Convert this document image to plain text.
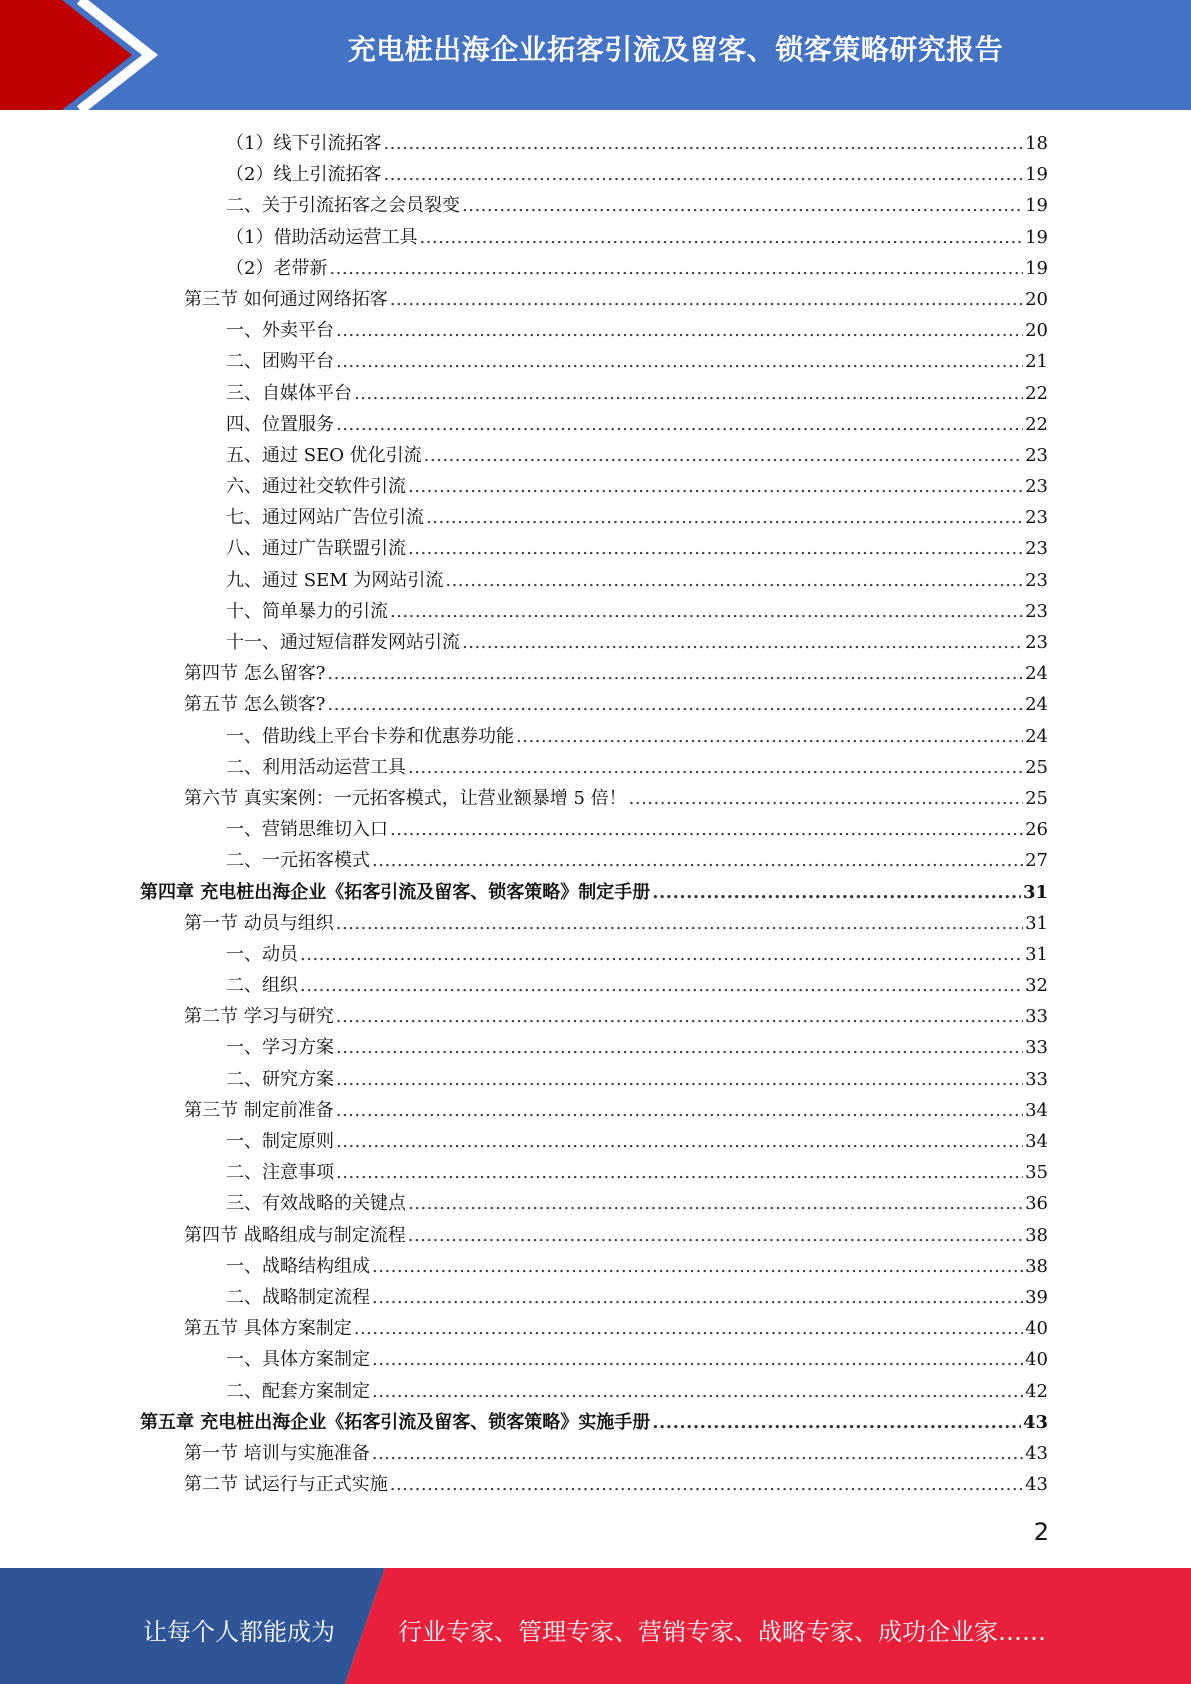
充电桩出海企业拓客引流及留客、锁客策略研究报告
（1）线下引流拓客 .....	18
（2）线上引流拓客 .....	19
二、关于引流拓客之会员裂变 .....	19
（1）借助活动运营工具 .....	19
（2）老带新 .....	19
第三节 如何通过网络拓客 .....	20
一、外卖平台 .....	20
二、团购平台 .....	21
三、自媒体平台 .....	22
四、位置服务 .....	22
五、通过 SEO 优化引流 .....	23
六、通过社交软件引流 .....	23
七、通过网站广告位引流 .....	23
八、通过广告联盟引流 .....	23
九、通过 SEM 为网站引流 .....	23
十、简单暴力的引流 .....	23
十一、通过短信群发网站引流 .....	23
第四节 怎么留客? .....	24
第五节 怎么锁客? .....	24
一、借助线上平台卡券和优惠券功能 .....	24
二、利用活动运营工具 .....	25
第六节 真实案例：一元拓客模式，让营业额暴增 5 倍！ .....	25
一、营销思维切入口 .....	26
二、一元拓客模式 .....	27
第四章 充电桩出海企业《拓客引流及留客、锁客策略》制定手册 .....	31
第一节 动员与组织 .....	31
一、动员 .....	31
二、组织 .....	32
第二节 学习与研究 .....	33
一、学习方案 .....	33
二、研究方案 .....	33
第三节 制定前准备 .....	34
一、制定原则 .....	34
二、注意事项 .....	35
三、有效战略的关键点 .....	36
第四节 战略组成与制定流程 .....	38
一、战略结构组成 .....	38
二、战略制定流程 .....	39
第五节 具体方案制定 .....	40
一、具体方案制定 .....	40
二、配套方案制定 .....	42
第五章 充电桩出海企业《拓客引流及留客、锁客策略》实施手册 .....	43
第一节 培训与实施准备 .....	43
第二节 试运行与正式实施 .....	43
2
让每个人都能成为	行业专家、管理专家、营销专家、战略专家、成功企业家……
